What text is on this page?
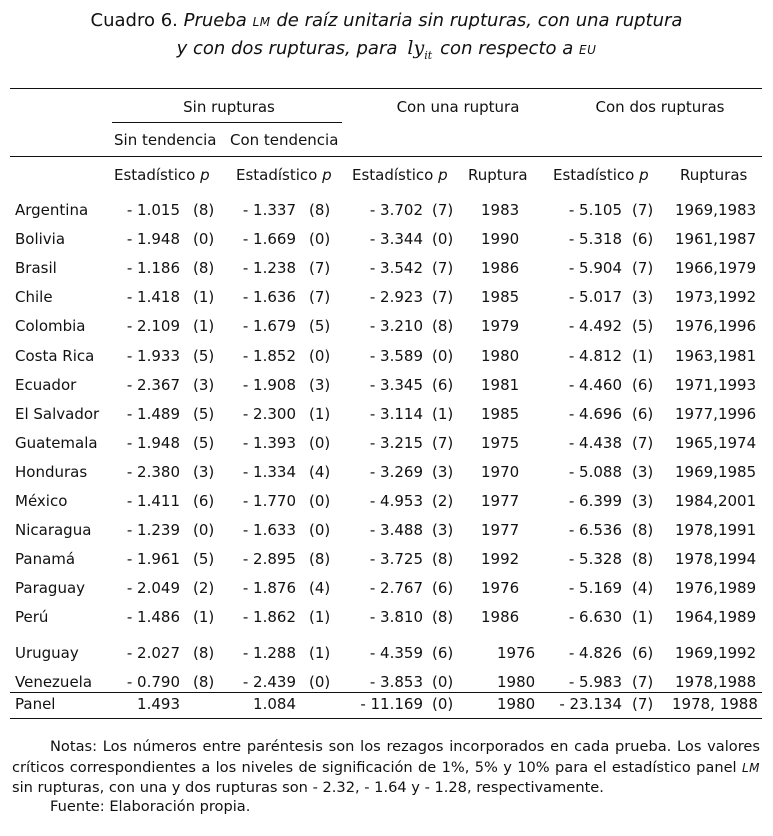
Cuadro 6. Prueba LM de raíz unitaria sin rupturas, con una ruptura
y con dos rupturas, para $ly_{it}$ con respecto a EU
Sin rupturas	Con una ruptura	Con dos rupturas
Sin tendencia Con tendencia
Estadístico p Estadístico p Estadístico p Ruptura Estadístico p Rupturas
Argentina	- 1.015 (8) - 1.337 (8)	- 3.702 (7) 1983	- 5.105 (7) 1969,1983
Bolivia	- 1.948 (0) - 1.669 (0)	- 3.344 (0) 1990	- 5.318 (6) 1961,1987
Brasil	- 1.186 (8) - 1.238 (7)	- 3.542 (7) 1986	- 5.904 (7) 1966,1979
Chile	- 1.418 (1) - 1.636 (7)	- 2.923 (7) 1985	- 5.017 (3) 1973,1992
Colombia	- 2.109 (1) - 1.679 (5)	- 3.210 (8) 1979	- 4.492 (5) 1976,1996
Costa Rica - 1.933 (5) - 1.852 (0)	- 3.589 (0) 1980	- 4.812 (1) 1963,1981
Ecuador	- 2.367 (3) - 1.908 (3)	- 3.345 (6) 1981	- 4.460 (6) 1971,1993
El Salvador - 1.489 (5) - 2.300 (1)	- 3.114 (1) 1985	- 4.696 (6) 1977,1996
Guatemala - 1.948 (5) - 1.393 (0)	- 3.215 (7) 1975	- 4.438 (7) 1965,1974
Honduras	- 2.380 (3) - 1.334 (4)	- 3.269 (3) 1970	- 5.088 (3) 1969,1985
México	- 1.411 (6) - 1.770 (0)	- 4.953 (2) 1977	- 6.399 (3) 1984,2001
Nicaragua - 1.239 (0) - 1.633 (0)	- 3.488 (3) 1977	- 6.536 (8) 1978,1991
Panamá	- 1.961 (5) - 2.895 (8)	- 3.725 (8) 1992	- 5.328 (8) 1978,1994
Paraguay	- 2.049 (2) - 1.876 (4)	- 2.767 (6) 1976	- 5.169 (4) 1976,1989
Perú	- 1.486 (1) - 1.862 (1)	- 3.810 (8) 1986	- 6.630 (1) 1964,1989
Uruguay	- 2.027 (8) - 1.288 (1)	- 4.359 (6)	1976 - 4.826 (6) 1969,1992
Venezuela - 0.790 (8) - 2.439 (0)	- 3.853 (0)	1980 - 5.983 (7) 1978,1988
Panel	1.493	1.084	- 11.169 (0)	1980 - 23.134 (7) 1978, 1988

Notas: Los números entre paréntesis son los rezagos incorporados en cada prueba. Los valores críticos correspondientes a los niveles de significación de 1%, 5% y 10% para el estadístico panel LM sin rupturas, con una y dos rupturas son - 2.32, - 1.64 y - 1.28, respectivamente.

Fuente: Elaboración propia.
